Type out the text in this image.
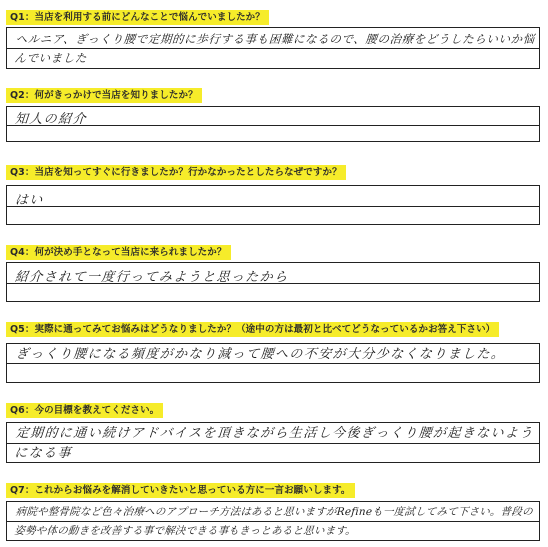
Q1：当店を利用する前にどんなことで悩んでいましたか？
ヘルニア、ぎっくり腰で定期的に歩行する事も困難になるので、腰の治療をどうしたらいいか悩んでいました
Q2：何がきっかけで当店を知りましたか？
知人の紹介
Q3：当店を知ってすぐに行きましたか？行かなかったとしたらなぜですか？
はい
Q4：何が決め手となって当店に来られましたか？
紹介されて一度行ってみようと思ったから
Q5：実際に通ってみてお悩みはどうなりましたか？（途中の方は最初と比べてどうなっているかお答え下さい）
ぎっくり腰になる頻度がかなり減って腰への不安が大分少なくなりました。
Q6：今の目標を教えてください。
定期的に通い続けアドバイスを頂きながら生活し今後ぎっくり腰が起きないようになる事
Q7：これからお悩みを解消していきたいと思っている方に一言お願いします。
病院や整骨院など色々治療へのアプローチ方法はあると思いますがRefineも一度試してみて下さい。普段の姿勢や体の動きを改善する事で解決できる事もきっとあると思います。
